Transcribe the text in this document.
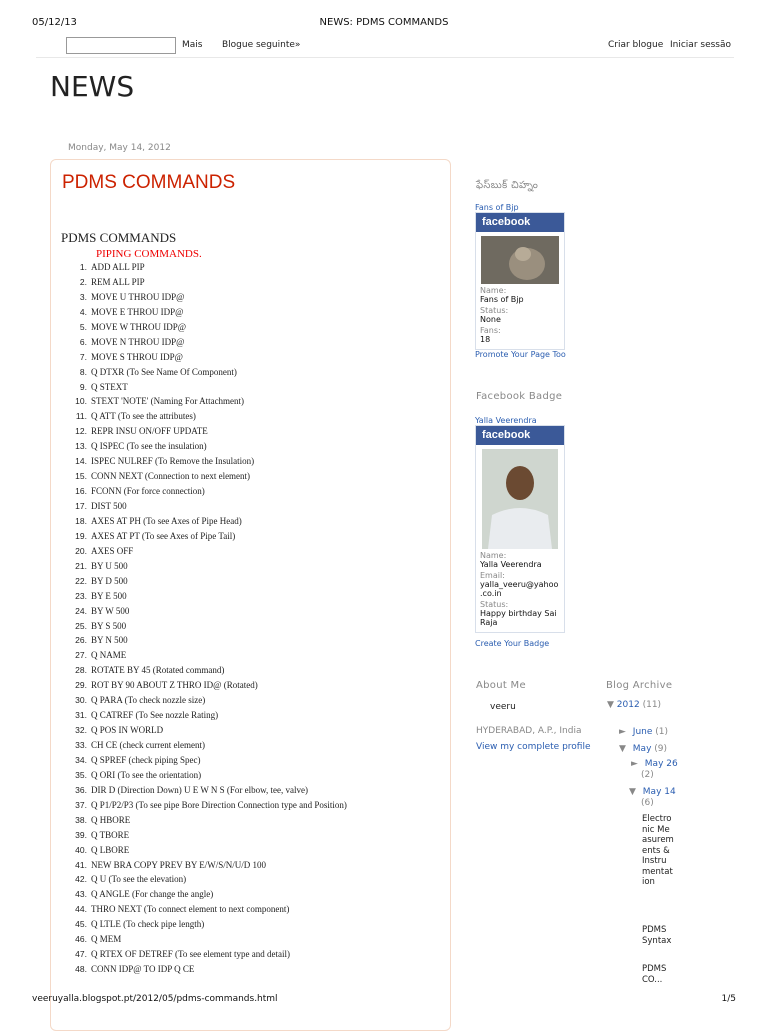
05/12/13	NEWS: PDMS COMMANDS
Mais Blogue seguinte»	Criar blogue Iniciar sessão
NEWS
Monday, May 14, 2012
PDMS COMMANDS
PDMS COMMANDS
PIPING COMMANDS.
1. ADD ALL PIP
2. REM ALL PIP
3. MOVE U THROU IDP@
4. MOVE E THROU IDP@
5. MOVE W THROU IDP@
6. MOVE N THROU IDP@
7. MOVE S THROU IDP@
8. Q DTXR (To See Name Of Component)
9. Q STEXT
10. STEXT 'NOTE' (Naming For Attachment)
11. Q ATT (To see the attributes)
12. REPR INSU ON/OFF UPDATE
13. Q ISPEC (To see the insulation)
14. ISPEC NULREF (To Remove the Insulation)
15. CONN NEXT (Connection to next element)
16. FCONN (For force connection)
17. DIST 500
18. AXES AT PH (To see Axes of Pipe Head)
19. AXES AT PT (To see Axes of Pipe Tail)
20. AXES OFF
21. BY U 500
22. BY D 500
23. BY E 500
24. BY W 500
25. BY S 500
26. BY N 500
27. Q NAME
28. ROTATE BY 45 (Rotated command)
29. ROT BY 90 ABOUT Z THRO ID@ (Rotated)
30. Q PARA (To check nozzle size)
31. Q CATREF (To See nozzle Rating)
32. Q POS IN WORLD
33. CH CE (check current element)
34. Q SPREF (check piping Spec)
35. Q ORI (To see the orientation)
36. DIR D (Direction Down) U E W N S (For elbow, tee, valve)
37. Q P1/P2/P3 (To see pipe Bore Direction Connection type and Position)
38. Q HBORE
39. Q TBORE
40. Q LBORE
41. NEW BRA COPY PREV BY E/W/S/N/U/D 100
42. Q U (To see the elevation)
43. Q ANGLE (For change the angle)
44. THRO NEXT (To connect element to next component)
45. Q LTLE (To check pipe length)
46. Q MEM
47. Q RTEX OF DETREF (To see element type and detail)
48. CONN IDP@ TO IDP Q CE
ఫేస్‌బుక్ చిహ్నం
Fans of Bjp
facebook
Name:
Fans of Bjp
Status:
None
Fans:
18
Promote Your Page Too
Facebook Badge
Yalla Veerendra
facebook
Name:
Yalla Veerendra
Email:
yalla_veeru@yahoo.co.in
Status:
Happy birthday Sai Raja
Create Your Badge
About Me
veeru
HYDERABAD, A.P., India
View my complete profile
Blog Archive
▼ 2012 (11)
► June (1)
▼ May (9)
► May 26
(2)
▼ May 14
(6)
Electronic Measurements & Instrumentation
PDMS Syntax
PDMS CO...
veeruyalla.blogspot.pt/2012/05/pdms-commands.html	1/5
